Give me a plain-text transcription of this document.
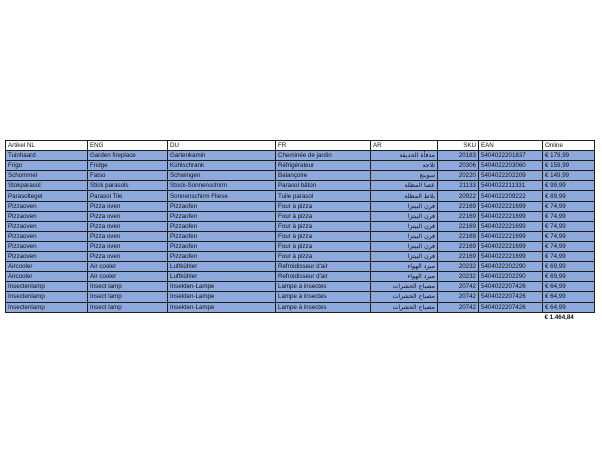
Artikel NL	ENG	DU	FR	AR	SKU	EAN	Online
Tuinhaard	Garden fireplace	Gartenkamin	Cheminée de jardin	مدفأة الحديقة	20183	5404022201837	€ 179,99
Frigo	Fridge	Kühlschrank	Réfrigérateur	ثلاجة	20306	5404022203060	€ 159,99
Schommel	Fatso	Schwingen	Balançoire	سوينغ	20220	5404022202209	€ 149,99
Stokparasol	Stick parasols	Stock-Sonnenschirm	Parasol bâton	عصا المظلة	21133	5404022211331	€ 99,99
Parasoltegel	Parasol Tile	Sonnenschirm Fliese	Tuile parasol	بلاط المظلة	20922	5404022209222	€ 89,99
Pizzaoven	Pizza oven	Pizzaofen	Four à pizza	فرن البيتزا	22169	5404022221699	€ 74,99
Pizzaoven	Pizza oven	Pizzaofen	Four à pizza	فرن البيتزا	22169	5404022221699	€ 74,99
Pizzaoven	Pizza oven	Pizzaofen	Four à pizza	فرن البيتزا	22169	5404022221699	€ 74,99
Pizzaoven	Pizza oven	Pizzaofen	Four à pizza	فرن البيتزا	22169	5404022221699	€ 74,99
Pizzaoven	Pizza oven	Pizzaofen	Four à pizza	فرن البيتزا	22169	5404022221699	€ 74,99
Pizzaoven	Pizza oven	Pizzaofen	Four à pizza	فرن البيتزا	22169	5404022221699	€ 74,99
Aircooler	Air cooler	Luftkühler	Refroidisseur d'air	مبرد الهواء	20232	5404022202290	€ 69,99
Aircooler	Air cooler	Luftkühler	Refroidisseur d'air	مبرد الهواء	20232	5404022202290	€ 69,99
Insectenlamp	Insect lamp	Insekten-Lampe	Lampe à insectes	مصباح الحشرات	20742	5404022207426	€ 64,99
Insectenlamp	Insect lamp	Insekten-Lampe	Lampe à insectes	مصباح الحشرات	20742	5404022207426	€ 64,99
Insectenlamp	Insect lamp	Insekten-Lampe	Lampe à insectes	مصباح الحشرات	20742	5404022207426	€ 64,99
							€ 1.464,84
